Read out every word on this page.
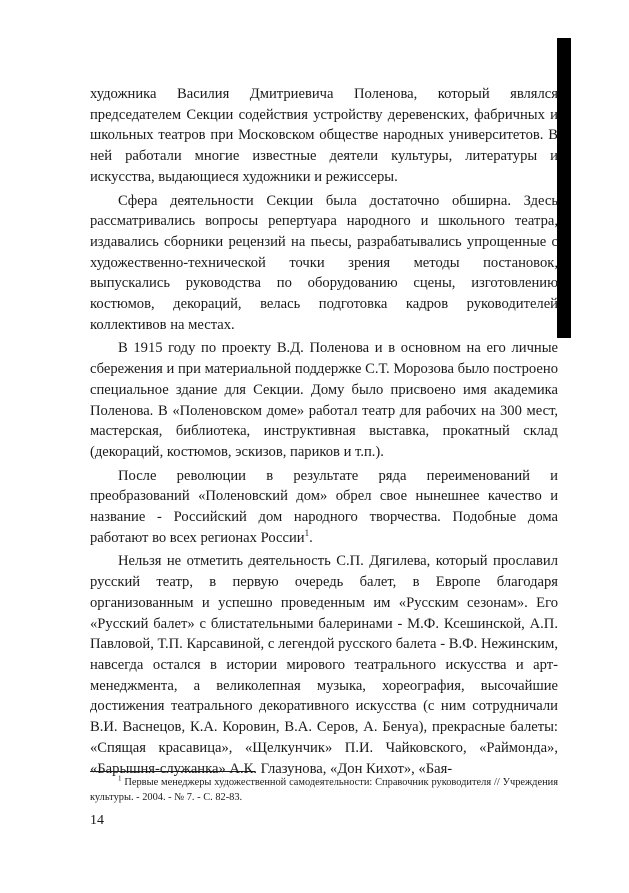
художника Василия Дмитриевича Поленова, который являлся председателем Секции содействия устройству деревенских, фабричных и школьных театров при Московском обществе народных университетов. В ней работали многие известные деятели культуры, литературы и искусства, выдающиеся художники и режиссеры.

Сфера деятельности Секции была достаточно обширна. Здесь рассматривались вопросы репертуара народного и школьного театра, издавались сборники рецензий на пьесы, разрабатывались упрощенные с художественно-технической точки зрения методы постановок, выпускались руководства по оборудованию сцены, изготовлению костюмов, декораций, велась подготовка кадров руководителей коллективов на местах.

В 1915 году по проекту В.Д. Поленова и в основном на его личные сбережения и при материальной поддержке С.Т. Морозова было построено специальное здание для Секции. Дому было присвоено имя академика Поленова. В «Поленовском доме» работал театр для рабочих на 300 мест, мастерская, библиотека, инструктивная выставка, прокатный склад (декораций, костюмов, эскизов, париков и т.п.).

После революции в результате ряда переименований и преобразований «Поленовский дом» обрел свое нынешнее качество и название - Российский дом народного творчества. Подобные дома работают во всех регионах России$^1$.

Нельзя не отметить деятельность С.П. Дягилева, который прославил русский театр, в первую очередь балет, в Европе благодаря организованным и успешно проведенным им «Русским сезонам». Его «Русский балет» с блистательными балеринами - М.Ф. Ксешинской, А.П. Павловой, Т.П. Карсавиной, с легендой русского балета - В.Ф. Нежинским, навсегда остался в истории мирового театрального искусства и арт-менеджмента, а великолепная музыка, хореография, высочайшие достижения театрального декоративного искусства (с ним сотрудничали В.И. Васнецов, К.А. Коровин, В.А. Серов, А. Бенуа), прекрасные балеты: «Спящая красавица», «Щелкунчик» П.И. Чайковского, «Раймонда», «Барышня-служанка» А.К. Глазунова, «Дон Кихот», «Бая-

$^1$ Первые менеджеры художественной самодеятельности: Справочник руководителя // Учреждения культуры. - 2004. - № 7. - С. 82-83.

14
